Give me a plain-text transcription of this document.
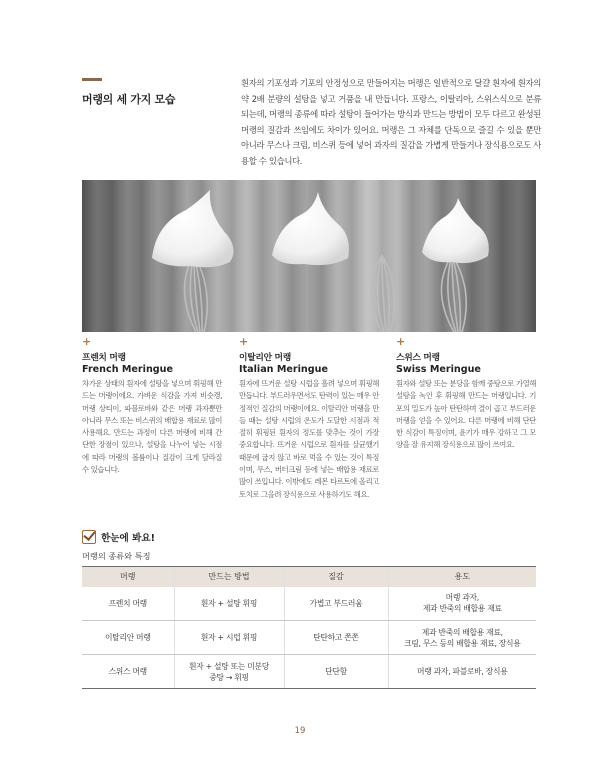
머랭의 세 가지 모습

흰자의 기포성과 기포의 안정성으로 만들어지는 머랭은 일반적으로 달걀 흰자에 흰자의 약 2배 분량의 설탕을 넣고 거품을 내 만듭니다. 프랑스, 이탈리아, 스위스식으로 분류되는데, 머랭의 종류에 따라 설탕이 들어가는 방식과 만드는 방법이 모두 다르고 완성된 머랭의 질감과 쓰임에도 차이가 있어요. 머랭은 그 자체를 단독으로 즐길 수 있을 뿐만 아니라 무스나 크림, 비스퀴 등에 넣어 과자의 질감을 가볍게 만들거나 장식용으로도 사용할 수 있습니다.

+
프렌치 머랭
French Meringue

차가운 상태의 흰자에 설탕을 넣으며 휘핑해 만드는 머랭이에요. 가벼운 식감을 가져 비슷캥, 머랭 상티이, 파블로바와 같은 머랭 과자뿐만 아니라 무스 또는 비스퀴의 배합용 재료로 많이 사용해요. 만드는 과정이 다른 머랭에 비해 간단한 장점이 있으나, 설탕을 나누어 넣는 시점에 따라 머랭의 볼륨이나 질감이 크게 달라질 수 있습니다.

+
이탈리안 머랭
Italian Meringue

흰자에 뜨거운 설탕 시럽을 흘려 넣으며 휘핑해 만듭니다. 부드러우면서도 탄력이 있는 매우 안정적인 질감의 머랭이에요. 이탈리안 머랭을 만들 때는 설탕 시럽의 온도가 도달한 시점과 적절히 휘핑된 흰자의 정도를 맞추는 것이 가장 중요합니다. 뜨거운 시럽으로 흰자를 살균했기 때문에 굽지 않고 바로 먹을 수 있는 것이 특징이며, 무스, 버터크림 등에 넣는 배합용 재료로 많이 쓰입니다. 이밖에도 레몬 타르트에 올리고 토치로 그을려 장식용으로 사용하기도 해요.

+
스위스 머랭
Swiss Meringue

흰자와 설탕 또는 분당을 함께 중탕으로 가열해 설탕을 녹인 후 휘핑해 만드는 머랭입니다. 기포의 밀도가 높아 탄탄하며 결이 곱고 부드러운 머랭을 얻을 수 있어요. 다른 머랭에 비해 단단한 식감이 특징이며, 윤기가 매우 강하고 그 모양을 잘 유지해 장식용으로 많이 쓰여요.

한눈에 봐요!
머랭의 종류와 특징
머랭	만드는 방법	질감	용도
프렌치 머랭	흰자 + 설탕 휘핑	가볍고 부드러움	머랭 과자,
제과 반죽의 배합용 재료

이탈리안 머랭	흰자 + 시럽 휘핑	탄탄하고 쫀쫀	제과 반죽의 배합용 재료,
크림, 무스 등의 배합용 재료, 장식용

스위스 머랭	흰자 + 설탕 또는 미분당
중탕 → 휘핑	단단함	머랭 과자, 파블로바, 장식용
19
